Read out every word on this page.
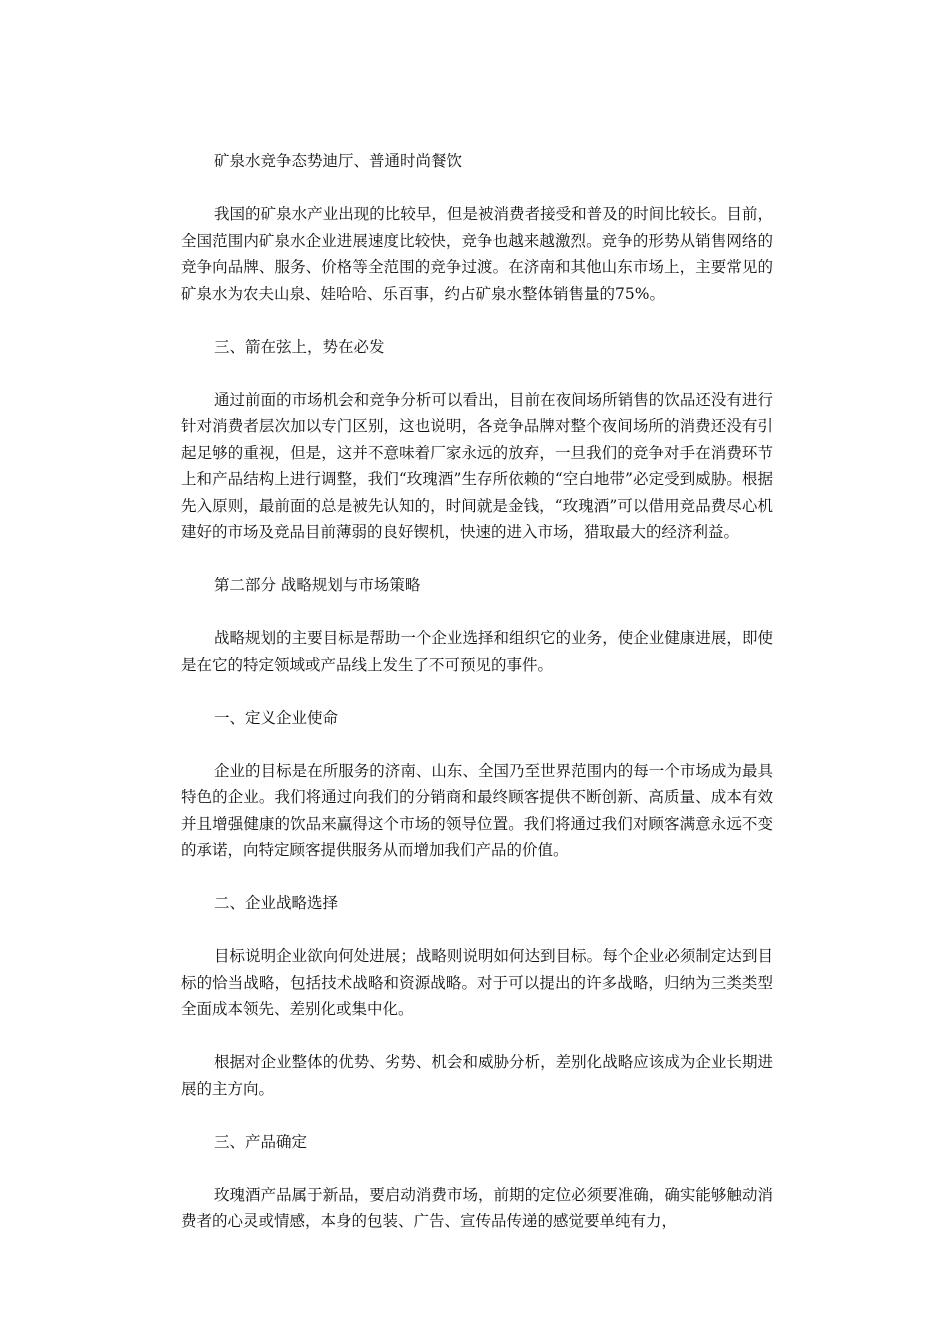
矿泉水竞争态势迪厅、普通时尚餐饮

我国的矿泉水产业出现的比较早，但是被消费者接受和普及的时间比较长。目前，全国范围内矿泉水企业进展速度比较快，竞争也越来越激烈。竞争的形势从销售网络的竞争向品牌、服务、价格等全范围的竞争过渡。在济南和其他山东市场上，主要常见的矿泉水为农夫山泉、娃哈哈、乐百事，约占矿泉水整体销售量的75%。

三、箭在弦上，势在必发

通过前面的市场机会和竞争分析可以看出，目前在夜间场所销售的饮品还没有进行针对消费者层次加以专门区别，这也说明，各竞争品牌对整个夜间场所的消费还没有引起足够的重视，但是，这并不意味着厂家永远的放弃，一旦我们的竞争对手在消费环节上和产品结构上进行调整，我们“玫瑰酒”生存所依赖的“空白地带”必定受到威胁。根据先入原则，最前面的总是被先认知的，时间就是金钱，“玫瑰酒”可以借用竞品费尽心机建好的市场及竞品目前薄弱的良好锲机，快速的进入市场，猎取最大的经济利益。

第二部分 战略规划与市场策略

战略规划的主要目标是帮助一个企业选择和组织它的业务，使企业健康进展，即使是在它的特定领域或产品线上发生了不可预见的事件。

一、定义企业使命

企业的目标是在所服务的济南、山东、全国乃至世界范围内的每一个市场成为最具特色的企业。我们将通过向我们的分销商和最终顾客提供不断创新、高质量、成本有效并且增强健康的饮品来赢得这个市场的领导位置。我们将通过我们对顾客满意永远不变的承诺，向特定顾客提供服务从而增加我们产品的价值。

二、企业战略选择

目标说明企业欲向何处进展；战略则说明如何达到目标。每个企业必须制定达到目标的恰当战略，包括技术战略和资源战略。对于可以提出的许多战略，归纳为三类类型全面成本领先、差别化或集中化。

根据对企业整体的优势、劣势、机会和威胁分析，差别化战略应该成为企业长期进展的主方向。

三、产品确定

玫瑰酒产品属于新品，要启动消费市场，前期的定位必须要准确，确实能够触动消费者的心灵或情感，本身的包装、广告、宣传品传递的感觉要单纯有力，
